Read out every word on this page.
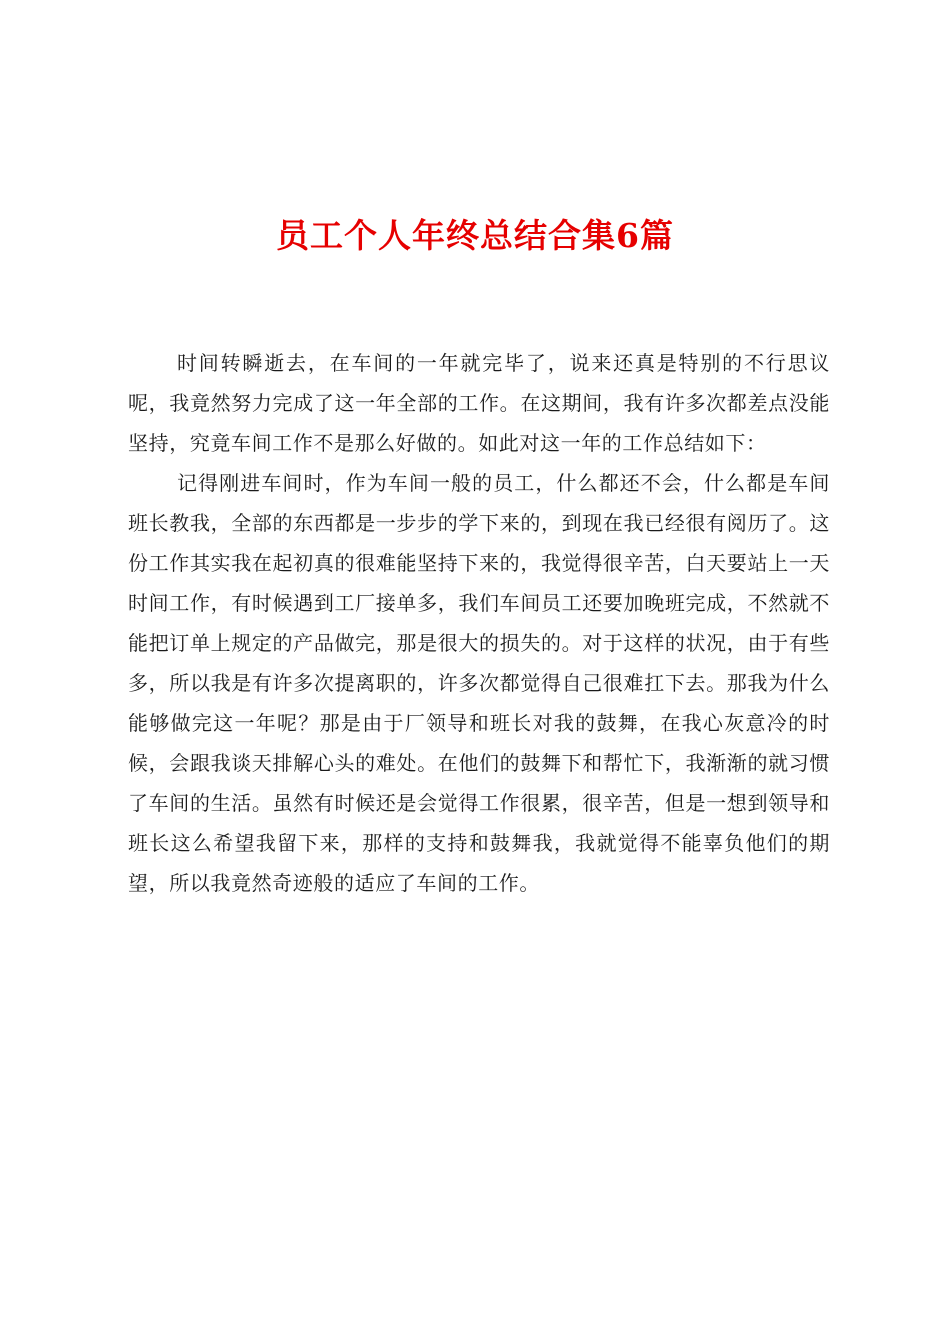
员工个人年终总结合集6篇

时间转瞬逝去，在车间的一年就完毕了，说来还真是特别的不行思议呢，我竟然努力完成了这一年全部的工作。在这期间，我有许多次都差点没能坚持，究竟车间工作不是那么好做的。如此对这一年的工作总结如下：

记得刚进车间时，作为车间一般的员工，什么都还不会，什么都是车间班长教我，全部的东西都是一步步的学下来的，到现在我已经很有阅历了。这份工作其实我在起初真的很难能坚持下来的，我觉得很辛苦，白天要站上一天时间工作，有时候遇到工厂接单多，我们车间员工还要加晚班完成，不然就不能把订单上规定的产品做完，那是很大的损失的。对于这样的状况，由于有些多，所以我是有许多次提离职的，许多次都觉得自己很难扛下去。那我为什么能够做完这一年呢？那是由于厂领导和班长对我的鼓舞，在我心灰意冷的时候，会跟我谈天排解心头的难处。在他们的鼓舞下和帮忙下，我渐渐的就习惯了车间的生活。虽然有时候还是会觉得工作很累，很辛苦，但是一想到领导和班长这么希望我留下来，那样的支持和鼓舞我，我就觉得不能辜负他们的期望，所以我竟然奇迹般的适应了车间的工作。
